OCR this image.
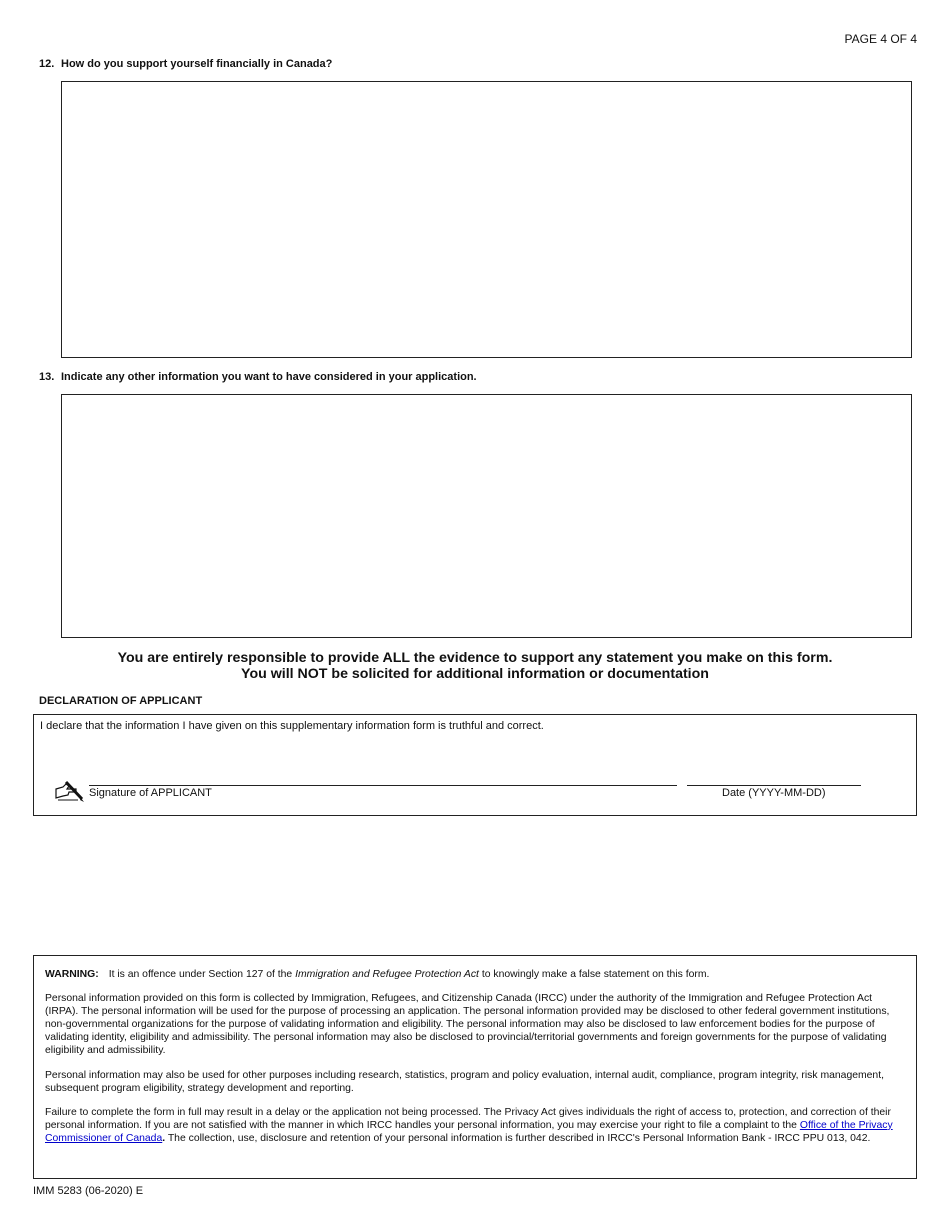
PAGE 4 OF 4
12. How do you support yourself financially in Canada?
13. Indicate any other information you want to have considered in your application.
You are entirely responsible to provide ALL the evidence to support any statement you make on this form.
You will NOT be solicited for additional information or documentation
DECLARATION OF APPLICANT
I declare that the information I have given on this supplementary information form is truthful and correct.
Signature of APPLICANT	Date (YYYY-MM-DD)

WARNING: It is an offence under Section 127 of the Immigration and Refugee Protection Act to knowingly make a false statement on this form.

Personal information provided on this form is collected by Immigration, Refugees, and Citizenship Canada (IRCC) under the authority of the Immigration and Refugee Protection Act (IRPA). The personal information will be used for the purpose of processing an application. The personal information provided may be disclosed to other federal government institutions, non-governmental organizations for the purpose of validating information and eligibility. The personal information may also be disclosed to law enforcement bodies for the purpose of validating identity, eligibility and admissibility. The personal information may also be disclosed to provincial/territorial governments and foreign governments for the purpose of validating eligibility and admissibility.

Personal information may also be used for other purposes including research, statistics, program and policy evaluation, internal audit, compliance, program integrity, risk management, subsequent program eligibility, strategy development and reporting.

Failure to complete the form in full may result in a delay or the application not being processed. The Privacy Act gives individuals the right of access to, protection, and correction of their personal information. If you are not satisfied with the manner in which IRCC handles your personal information, you may exercise your right to file a complaint to the Office of the Privacy Commissioner of Canada. The collection, use, disclosure and retention of your personal information is further described in IRCC's Personal Information Bank - IRCC PPU 013, 042.

IMM 5283 (06-2020) E
